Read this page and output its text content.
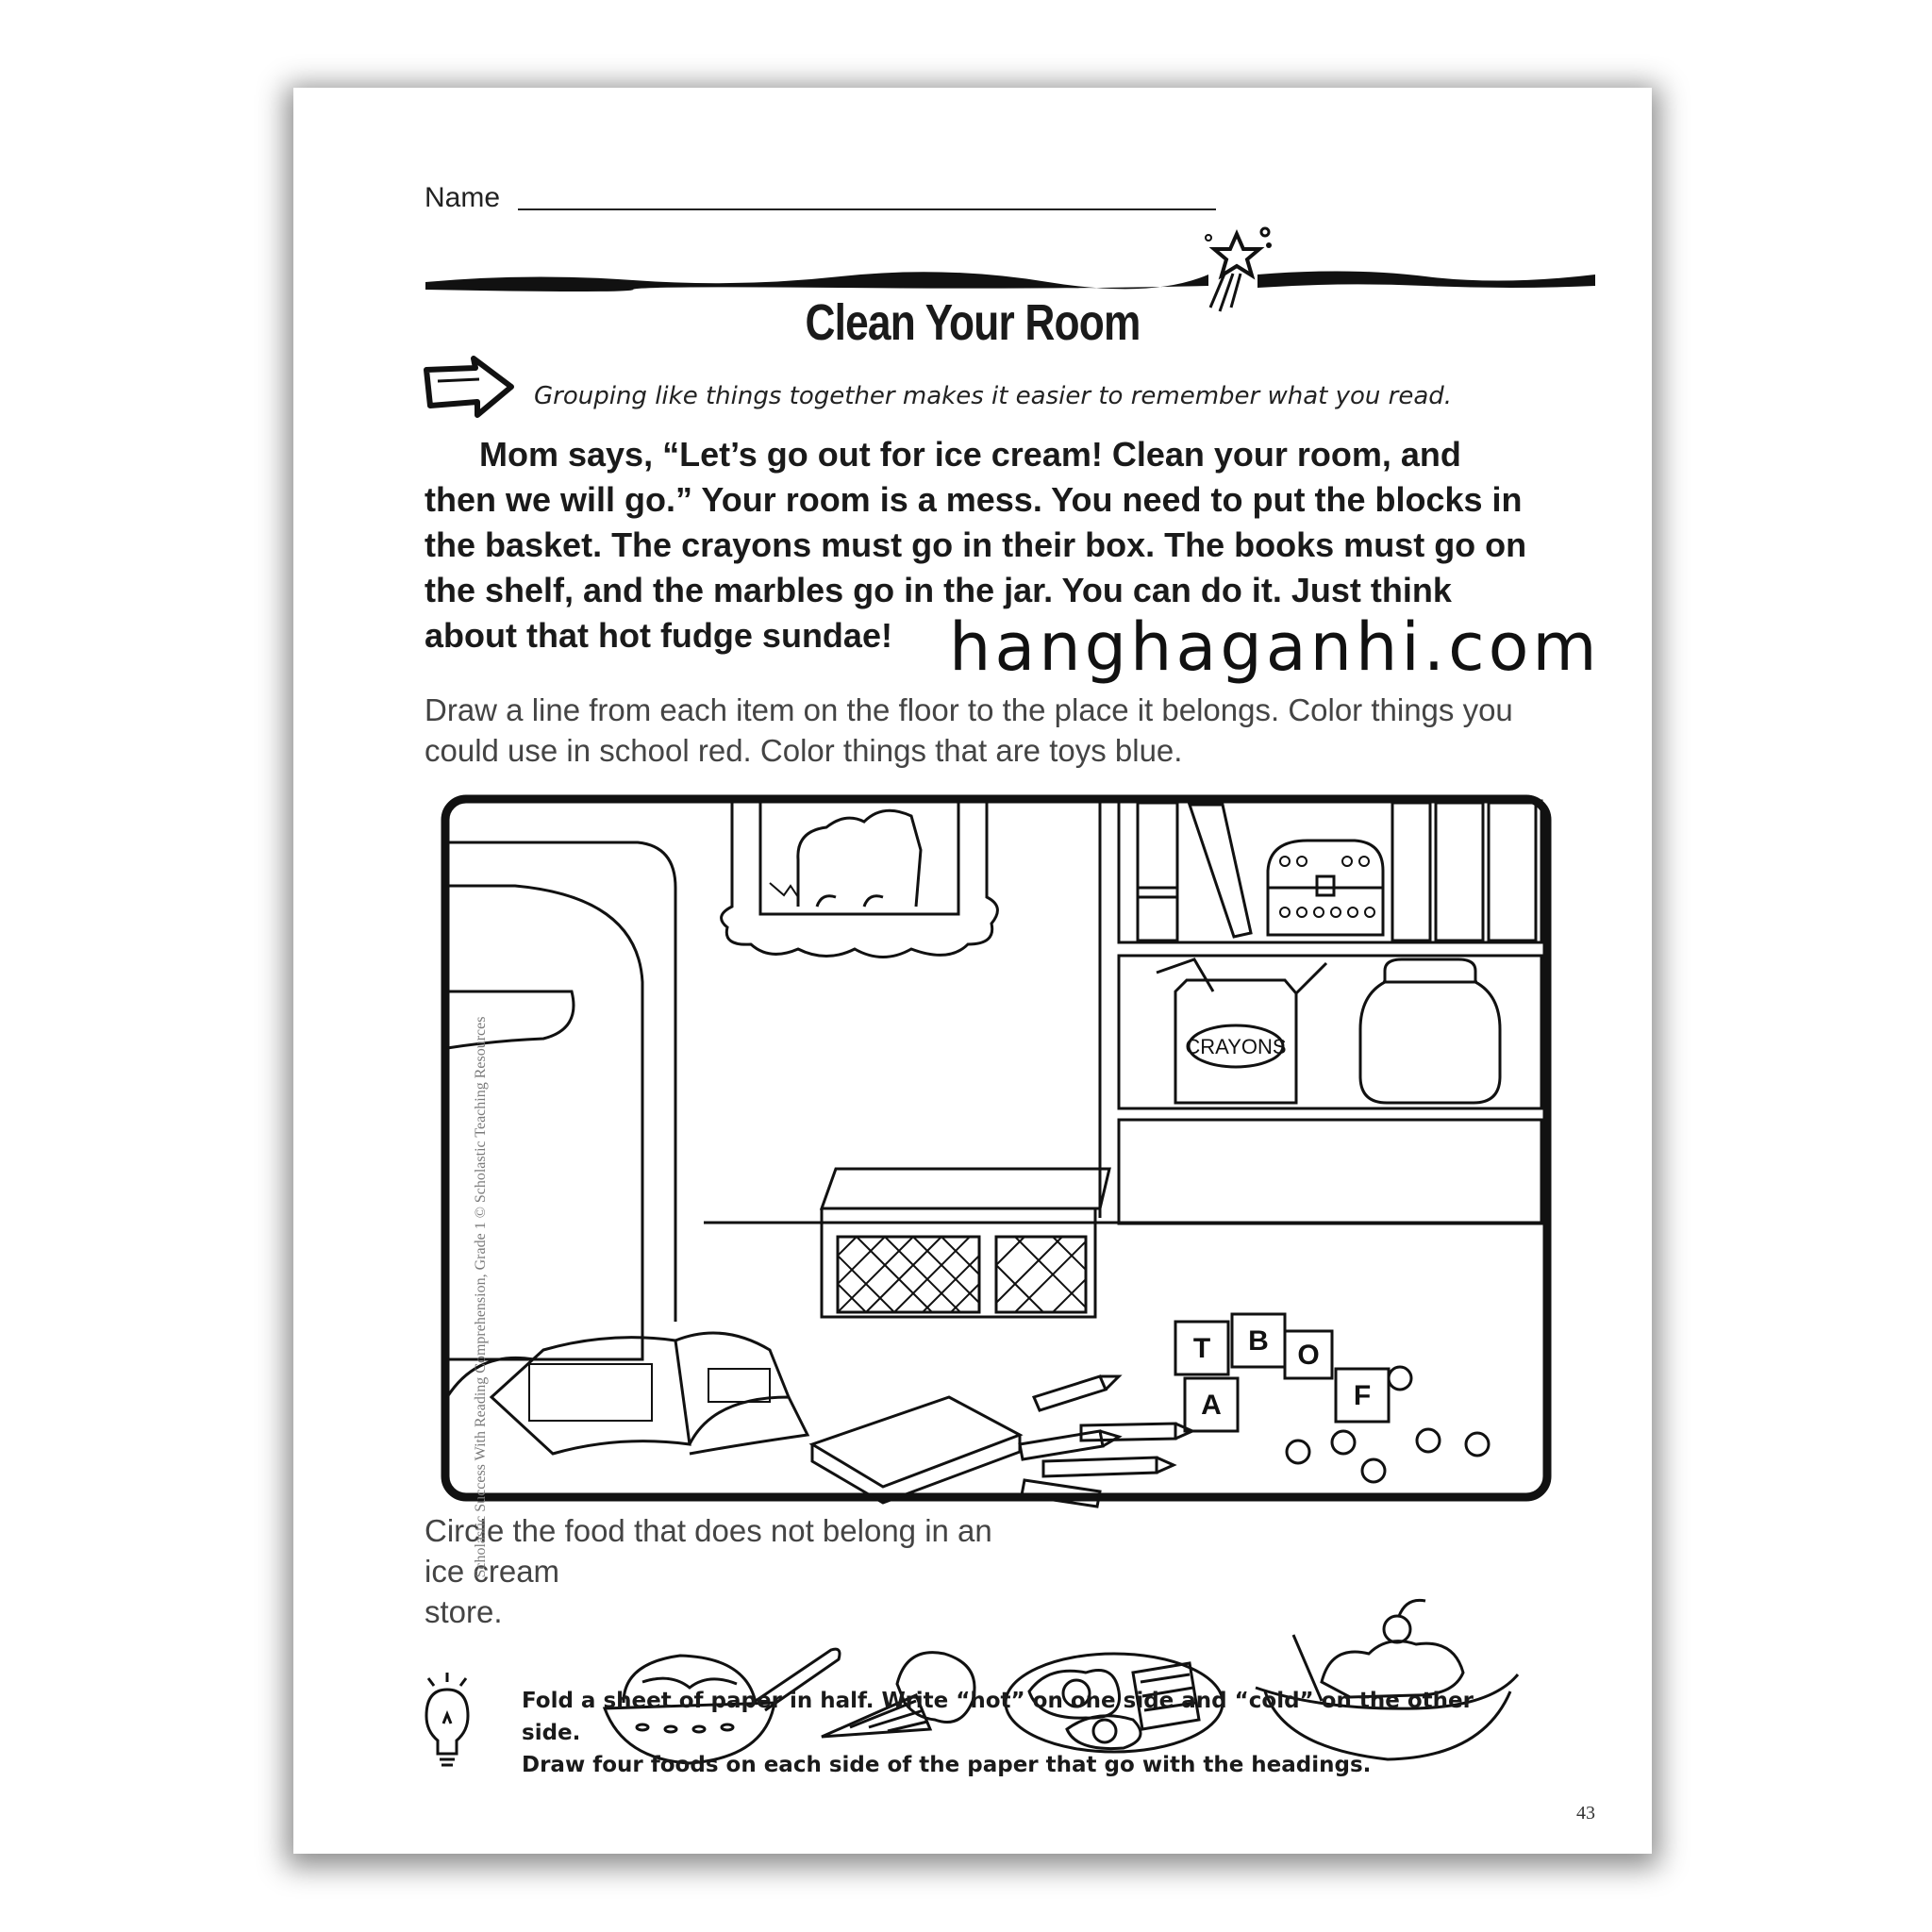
Name
Clean Your Room
Grouping like things together makes it easier to remember what you read.
Mom says, “Let’s go out for ice cream! Clean your room, and then we will go.” Your room is a mess. You need to put the blocks in the basket. The crayons must go in their box. The books must go on the shelf, and the marbles go in the jar. You can do it. Just think about that hot fudge sundae! hanghaganhi.com
Draw a line from each item on the floor to the place it belongs. Color things you could use in school red. Color things that are toys blue.
CRAYONS
T B O
A	F
Circle the food that does not belong in an
ice cream
store.
Fold a sheet of paper in half. Write “hot” on one side and “cold” on the other side.
Draw four foods on each side of the paper that go with the headings.
Scholastic Success With Reading Comprehension, Grade 1 © Scholastic Teaching Resources
43
